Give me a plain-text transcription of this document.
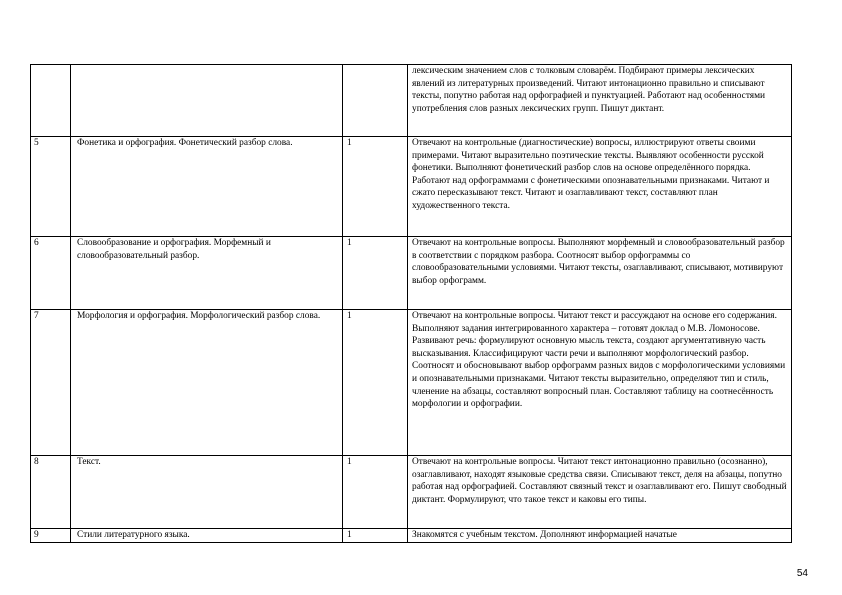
			лексическим значением слов с толковым словарём. Подбирают примеры лексических явлений из литературных произведений. Читают интонационно правильно и списывают тексты, попутно работая над орфографией и пунктуацией. Работают над особенностями употребления слов разных лексических групп. Пишут диктант.
5	Фонетика и орфография. Фонетический разбор слова.	1	Отвечают на контрольные (диагностические) вопросы, иллюстрируют ответы своими примерами. Читают выразительно поэтические тексты. Выявляют особенности русской фонетики. Выполняют фонетический разбор слов на основе определённого порядка. Работают над орфограммами с фонетическими опознавательными признаками. Читают и сжато пересказывают текст. Читают и озаглавливают текст, составляют план художественного текста.
6	Словообразование и орфография. Морфемный и словообразовательный разбор.	1	Отвечают на контрольные вопросы. Выполняют морфемный и словообразовательный разбор в соответствии с порядком разбора. Соотносят выбор орфограммы со словообразовательными условиями. Читают тексты, озаглавливают, списывают, мотивируют выбор орфограмм.
7	Морфология и орфография. Морфологический разбор слова.	1	Отвечают на контрольные вопросы. Читают текст и рассуждают на основе его содержания. Выполняют задания интегрированного характера – готовят доклад о М.В. Ломоносове. Развивают речь: формулируют основную мысль текста, создают аргументативную часть высказывания. Классифицируют части речи и выполняют морфологический разбор. Соотносят и обосновывают выбор орфограмм разных видов с морфологическими условиями и опознавательными признаками. Читают тексты выразительно, определяют тип и стиль, членение на абзацы, составляют вопросный план. Составляют таблицу на соотнесённость морфологии и орфографии.
8	Текст.	1	Отвечают на контрольные вопросы. Читают текст интонационно правильно (осознанно), озаглавливают, находят языковые средства связи. Списывают текст, деля на абзацы, попутно работая над орфографией. Составляют связный текст и озаглавливают его. Пишут свободный диктант. Формулируют, что такое текст и каковы его типы.
9	Стили литературного языка.	1	Знакомятся с учебным текстом. Дополняют информацией начатые
54
